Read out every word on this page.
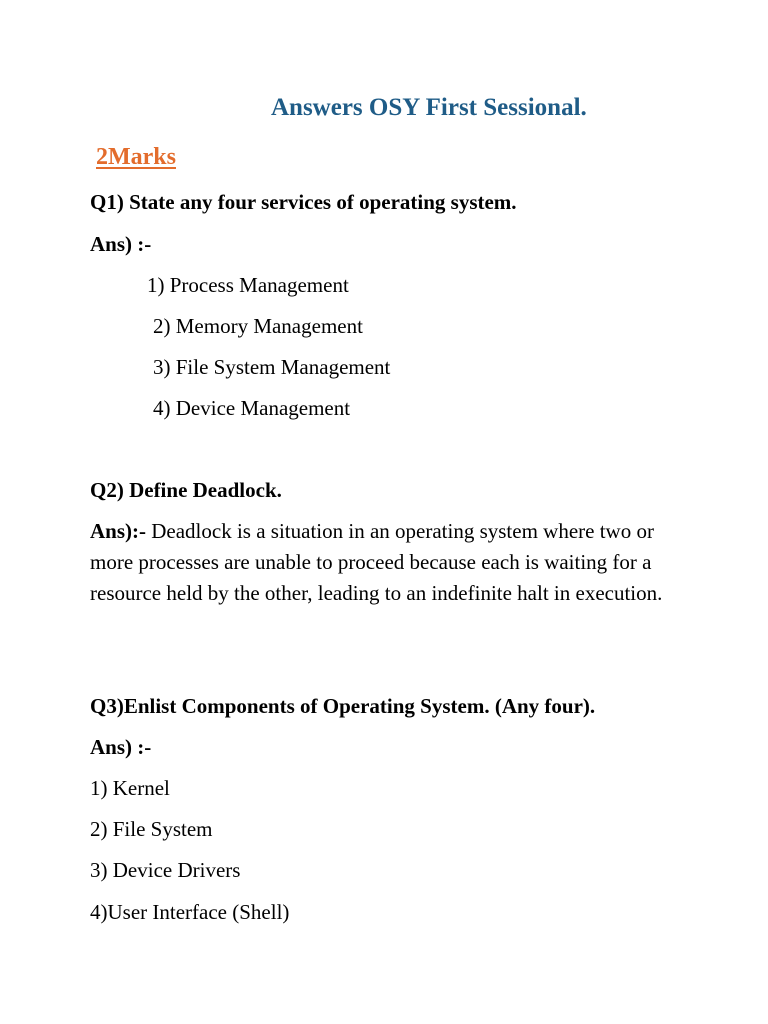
Answers OSY First Sessional.
2Marks
Q1) State any four services of operating system.
Ans) :-
1) Process Management
2) Memory Management
3) File System Management
4) Device Management
Q2) Define Deadlock.
Ans):- Deadlock is a situation in an operating system where two or more processes are unable to proceed because each is waiting for a resource held by the other, leading to an indefinite halt in execution.
Q3)Enlist Components of Operating System. (Any four).
Ans) :-
1) Kernel
2) File System
3) Device Drivers
4)User Interface (Shell)
